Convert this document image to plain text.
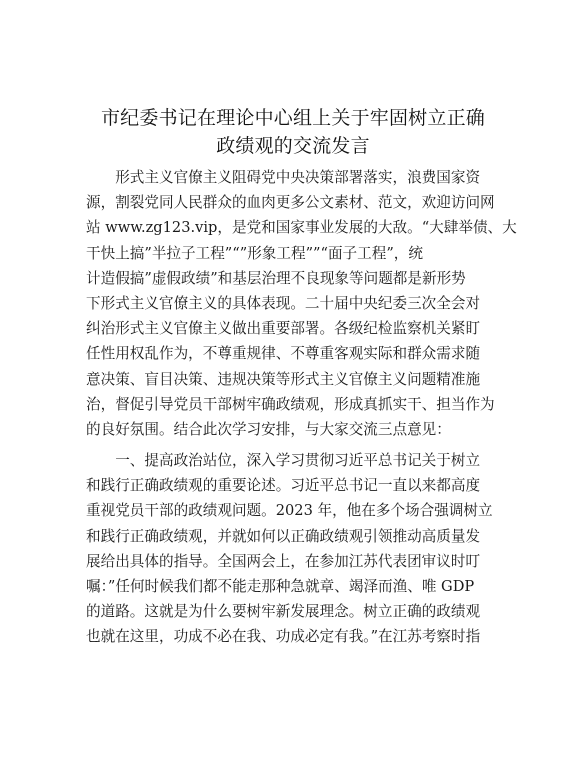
市纪委书记在理论中心组上关于牢固树立正确
政绩观的交流发言

　　形式主义官僚主义阻碍党中央决策部署落实，浪费国家资
源，割裂党同人民群众的血肉更多公文素材、范文，欢迎访问网
站 www.zg123.vip，是党和国家事业发展的大敌。“大肆举债、大
干快上搞”半拉子工程”“”形象工程””“面子工程”，统
计造假搞”虚假政绩”和基层治理不良现象等问题都是新形势
下形式主义官僚主义的具体表现。二十届中央纪委三次全会对
纠治形式主义官僚主义做出重要部署。各级纪检监察机关紧盯
任性用权乱作为，不尊重规律、不尊重客观实际和群众需求随
意决策、盲目决策、违规决策等形式主义官僚主义问题精准施
治，督促引导党员干部树牢确政绩观，形成真抓实干、担当作为
的良好氛围。结合此次学习安排，与大家交流三点意见：

　　一、提高政治站位，深入学习贯彻习近平总书记关于树立
和践行正确政绩观的重要论述。习近平总书记一直以来都高度
重视党员干部的政绩观问题。2023 年，他在多个场合强调树立
和践行正确政绩观，并就如何以正确政绩观引领推动高质量发
展给出具体的指导。全国两会上，在参加江苏代表团审议时叮
嘱：”任何时候我们都不能走那种急就章、竭泽而渔、唯 GDP
的道路。这就是为什么要树牢新发展理念。树立正确的政绩观
也就在这里，功成不必在我、功成必定有我。”在江苏考察时指
